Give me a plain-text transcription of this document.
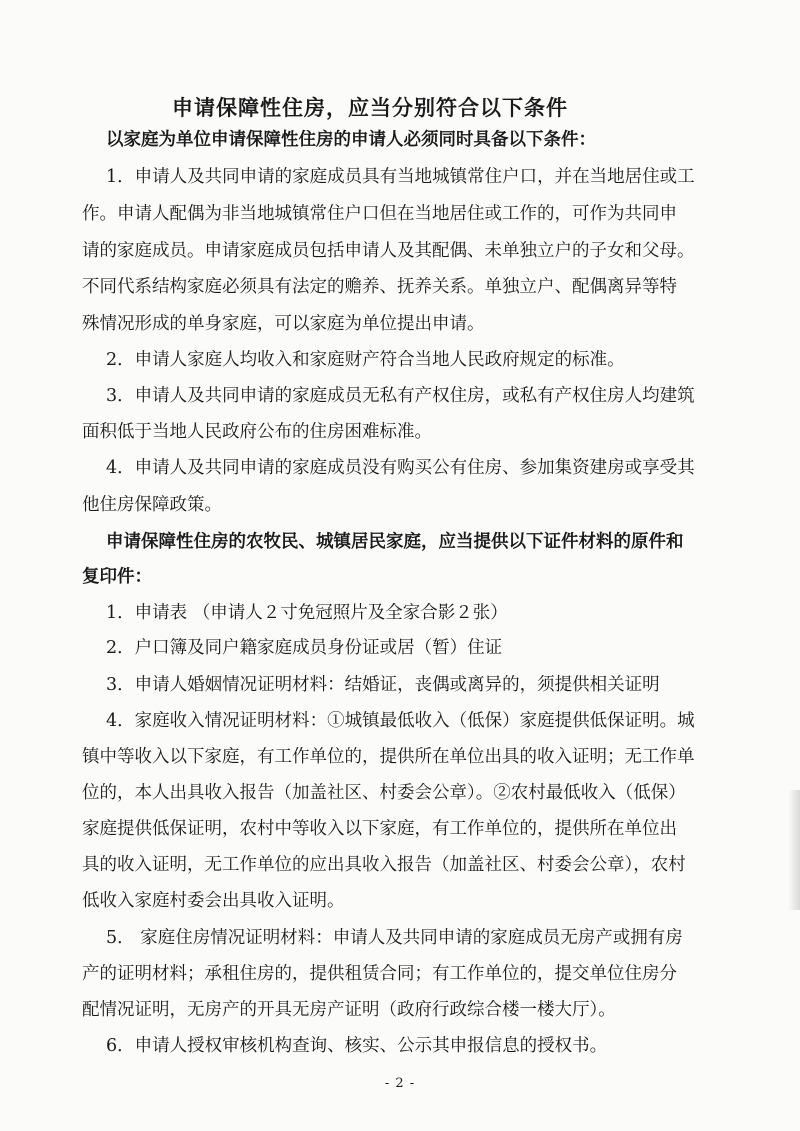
申请保障性住房，应当分别符合以下条件
以家庭为单位申请保障性住房的申请人必须同时具备以下条件：
1．申请人及共同申请的家庭成员具有当地城镇常住户口，并在当地居住或工
作。申请人配偶为非当地城镇常住户口但在当地居住或工作的，可作为共同申
请的家庭成员。申请家庭成员包括申请人及其配偶、未单独立户的子女和父母。
不同代系结构家庭必须具有法定的赡养、抚养关系。单独立户、配偶离异等特
殊情况形成的单身家庭，可以家庭为单位提出申请。
2．申请人家庭人均收入和家庭财产符合当地人民政府规定的标准。
3．申请人及共同申请的家庭成员无私有产权住房，或私有产权住房人均建筑
面积低于当地人民政府公布的住房困难标准。
4．申请人及共同申请的家庭成员没有购买公有住房、参加集资建房或享受其
他住房保障政策。
申请保障性住房的农牧民、城镇居民家庭，应当提供以下证件材料的原件和
复印件：
1．申请表 （申请人２寸免冠照片及全家合影２张）
2．户口簿及同户籍家庭成员身份证或居（暂）住证
3．申请人婚姻情况证明材料：结婚证，丧偶或离异的，须提供相关证明
4．家庭收入情况证明材料：①城镇最低收入（低保）家庭提供低保证明。城
镇中等收入以下家庭，有工作单位的，提供所在单位出具的收入证明；无工作单
位的，本人出具收入报告（加盖社区、村委会公章）。②农村最低收入（低保）
家庭提供低保证明，农村中等收入以下家庭，有工作单位的，提供所在单位出
具的收入证明，无工作单位的应出具收入报告（加盖社区、村委会公章），农村
低收入家庭村委会出具收入证明。
5． 家庭住房情况证明材料：申请人及共同申请的家庭成员无房产或拥有房
产的证明材料；承租住房的，提供租赁合同；有工作单位的，提交单位住房分
配情况证明，无房产的开具无房产证明（政府行政综合楼一楼大厅）。
6．申请人授权审核机构查询、核实、公示其申报信息的授权书。
- 2 -
